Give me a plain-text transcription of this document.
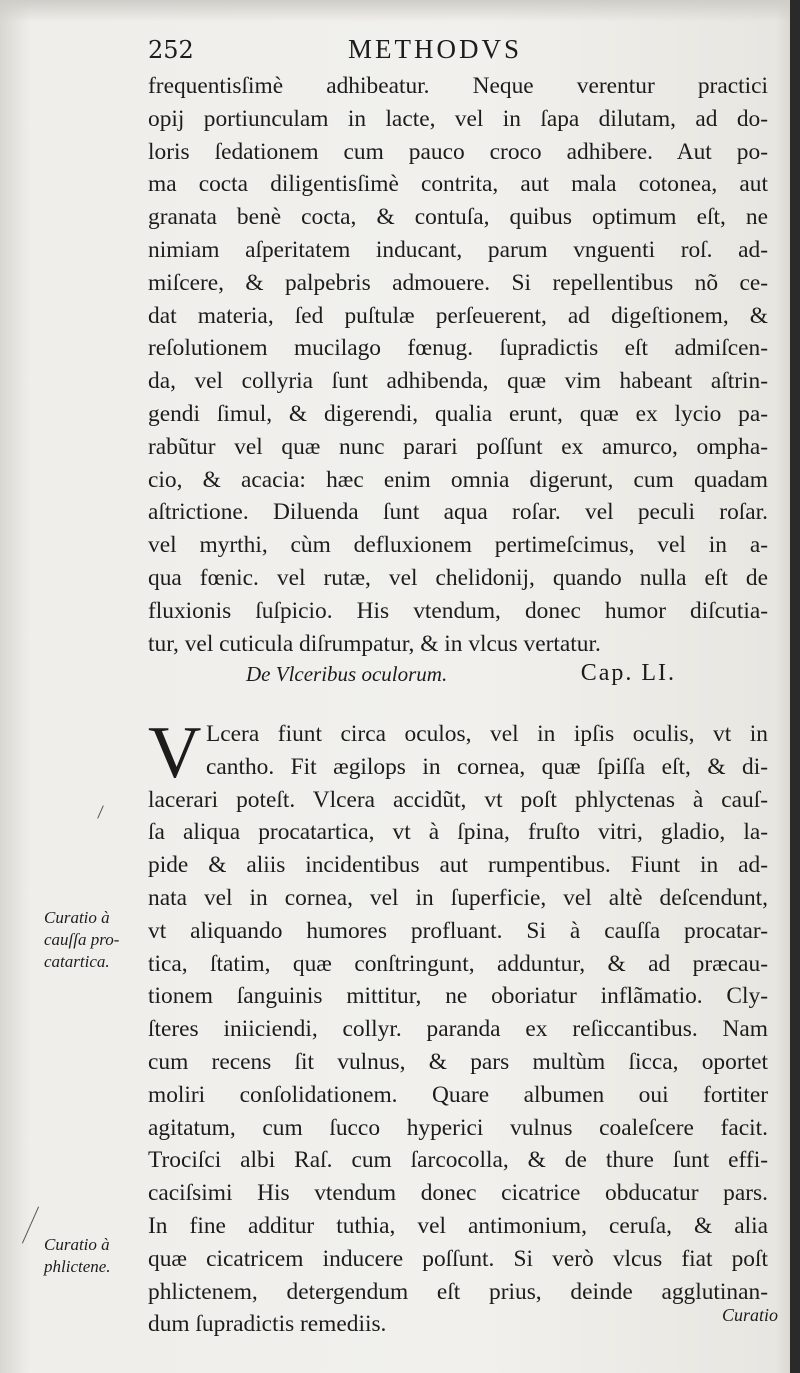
252	METHODVS
frequentisſimè adhibeatur. Neque verentur practici
opij portiunculam in lacte, vel in ſapa dilutam, ad do-
loris ſedationem cum pauco croco adhibere. Aut po-
ma cocta diligentisſimè contrita, aut mala cotonea, aut
granata benè cocta, & contuſa, quibus optimum eſt, ne
nimiam aſperitatem inducant, parum vnguenti roſ. ad-
miſcere, & palpebris admouere. Si repellentibus nõ ce-
dat materia, ſed puſtulæ perſeuerent, ad digeſtionem, &
reſolutionem mucilago fœnug. ſupradictis eſt admiſcen-
da, vel collyria ſunt adhibenda, quæ vim habeant aſtrin-
gendi ſimul, & digerendi, qualia erunt, quæ ex lycio pa-
rabũtur vel quæ nunc parari poſſunt ex amurco, ompha-
cio, & acacia: hæc enim omnia digerunt, cum quadam
aſtrictione. Diluenda ſunt aqua roſar. vel peculi roſar.
vel myrthi, cùm defluxionem pertimeſcimus, vel in a-
qua fœnic. vel rutæ, vel chelidonij, quando nulla eſt de
fluxionis ſuſpicio. His vtendum, donec humor diſcutia-
tur, vel cuticula diſrumpatur, & in vlcus vertatur.
De Vlceribus oculorum.	Cap. LI.
V Lcera fiunt circa oculos, vel in ipſis oculis, vt in
cantho. Fit ægilops in cornea, quæ ſpiſſa eſt, & di-
lacerari poteſt. Vlcera accidũt, vt poſt phlyctenas à cauſ-
ſa aliqua procatartica, vt à ſpina, fruſto vitri, gladio, la-
pide & aliis incidentibus aut rumpentibus. Fiunt in ad-
nata vel in cornea, vel in ſuperficie, vel altè deſcendunt,
vt aliquando humores profluant. Si à cauſſa procatar-
tica, ſtatim, quæ conſtringunt, adduntur, & ad præcau-
tionem ſanguinis mittitur, ne oboriatur inflãmatio. Cly-
ſteres iniiciendi, collyr. paranda ex reſiccantibus. Nam
cum recens ſit vulnus, & pars multùm ſicca, oportet
moliri conſolidationem. Quare albumen oui fortiter
agitatum, cum ſucco hyperici vulnus coaleſcere facit.
Trociſci albi Raſ. cum ſarcocolla, & de thure ſunt effi-
caciſsimi His vtendum donec cicatrice obducatur pars.
In fine additur tuthia, vel antimonium, ceruſa, & alia
quæ cicatricem inducere poſſunt. Si verò vlcus fiat poſt
phlictenem, detergendum eſt prius, deinde agglutinan-
dum ſupradictis remediis.
Curatio à
cauſſa pro-
catartica.
Curatio à
phlictene.
Curatio
